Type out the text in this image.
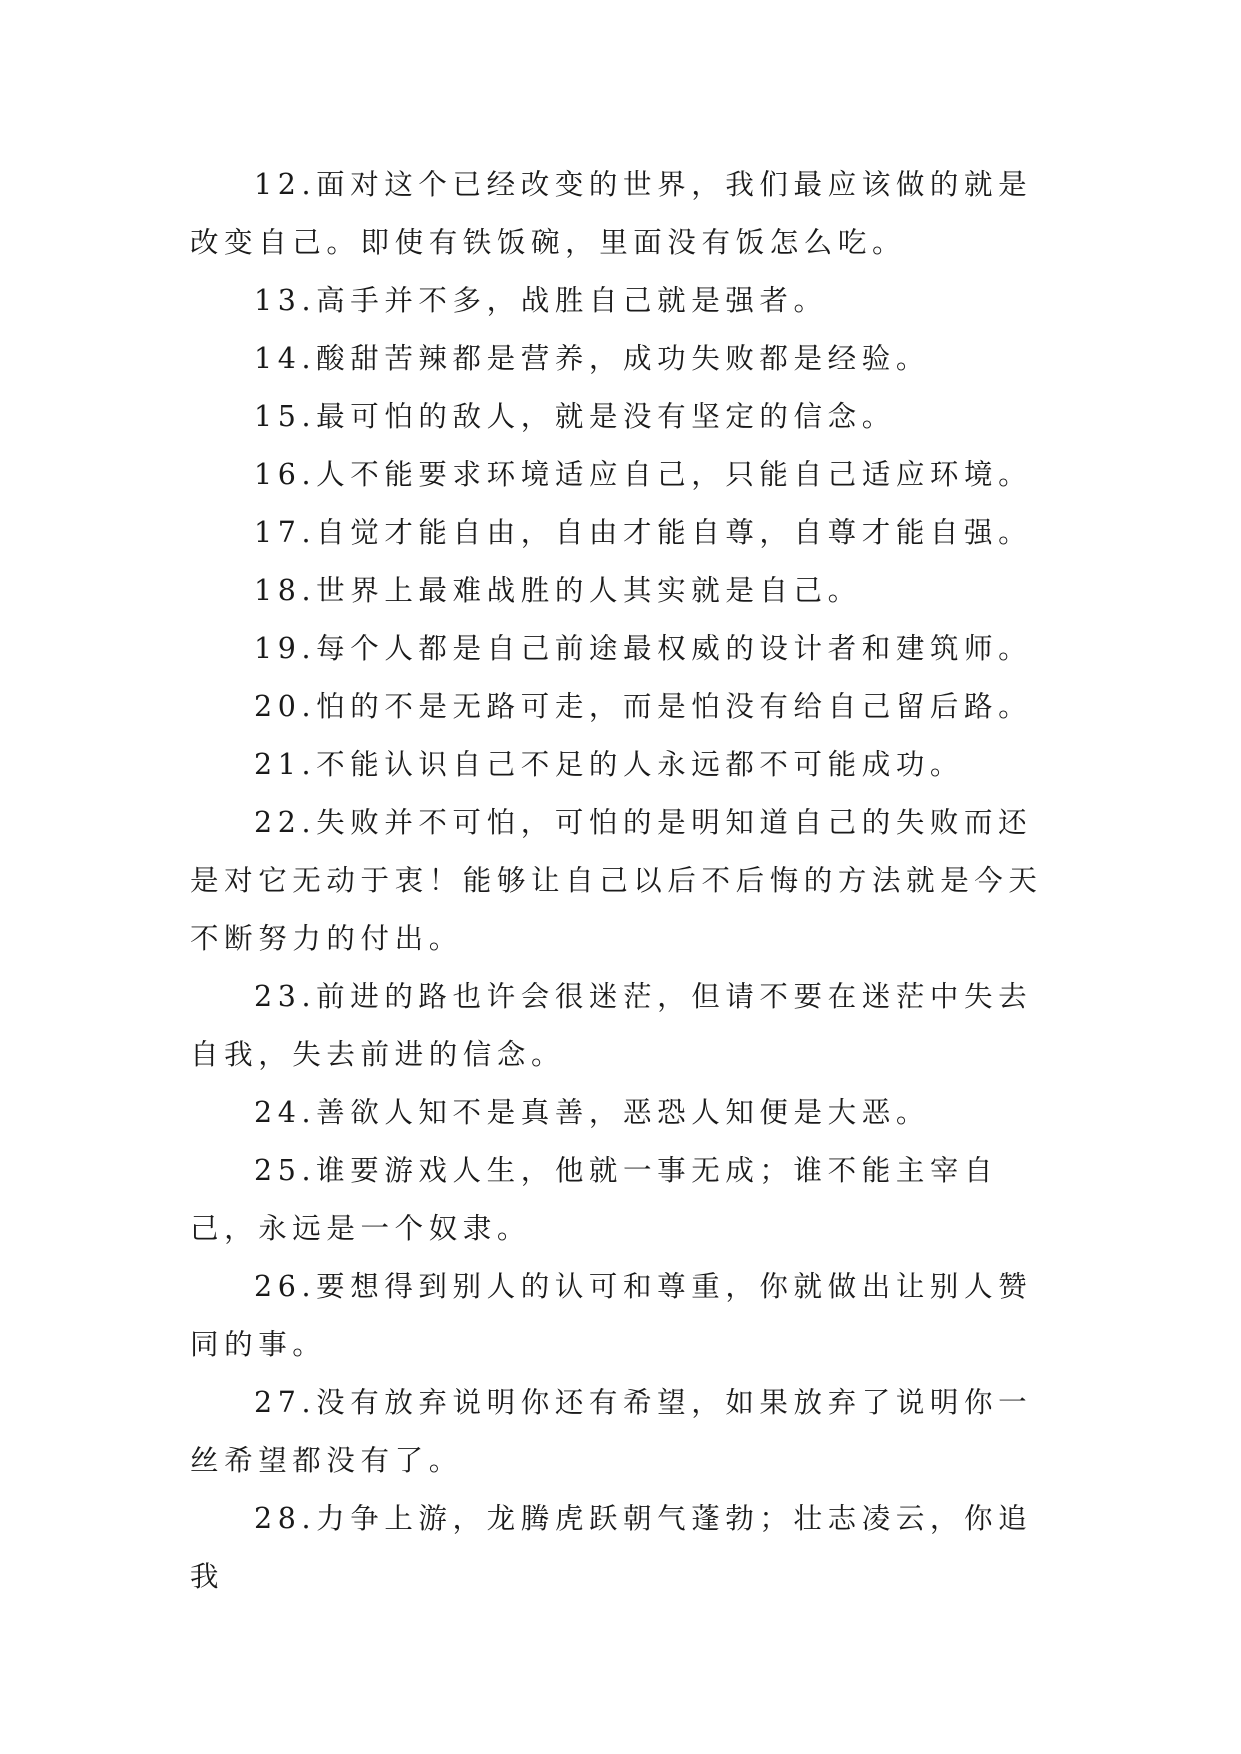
12.面对这个已经改变的世界，我们最应该做的就是改变自己。即使有铁饭碗，里面没有饭怎么吃。

13.高手并不多，战胜自己就是强者。

14.酸甜苦辣都是营养，成功失败都是经验。

15.最可怕的敌人，就是没有坚定的信念。

16.人不能要求环境适应自己，只能自己适应环境。

17.自觉才能自由，自由才能自尊，自尊才能自强。

18.世界上最难战胜的人其实就是自己。

19.每个人都是自己前途最权威的设计者和建筑师。

20.怕的不是无路可走，而是怕没有给自己留后路。

21.不能认识自己不足的人永远都不可能成功。

22.失败并不可怕，可怕的是明知道自己的失败而还是对它无动于衷！能够让自己以后不后悔的方法就是今天不断努力的付出。

23.前进的路也许会很迷茫，但请不要在迷茫中失去自我，失去前进的信念。

24.善欲人知不是真善，恶恐人知便是大恶。

25.谁要游戏人生，他就一事无成；谁不能主宰自己，永远是一个奴隶。

26.要想得到别人的认可和尊重，你就做出让别人赞同的事。

27.没有放弃说明你还有希望，如果放弃了说明你一丝希望都没有了。

28.力争上游，龙腾虎跃朝气蓬勃；壮志凌云，你追我
